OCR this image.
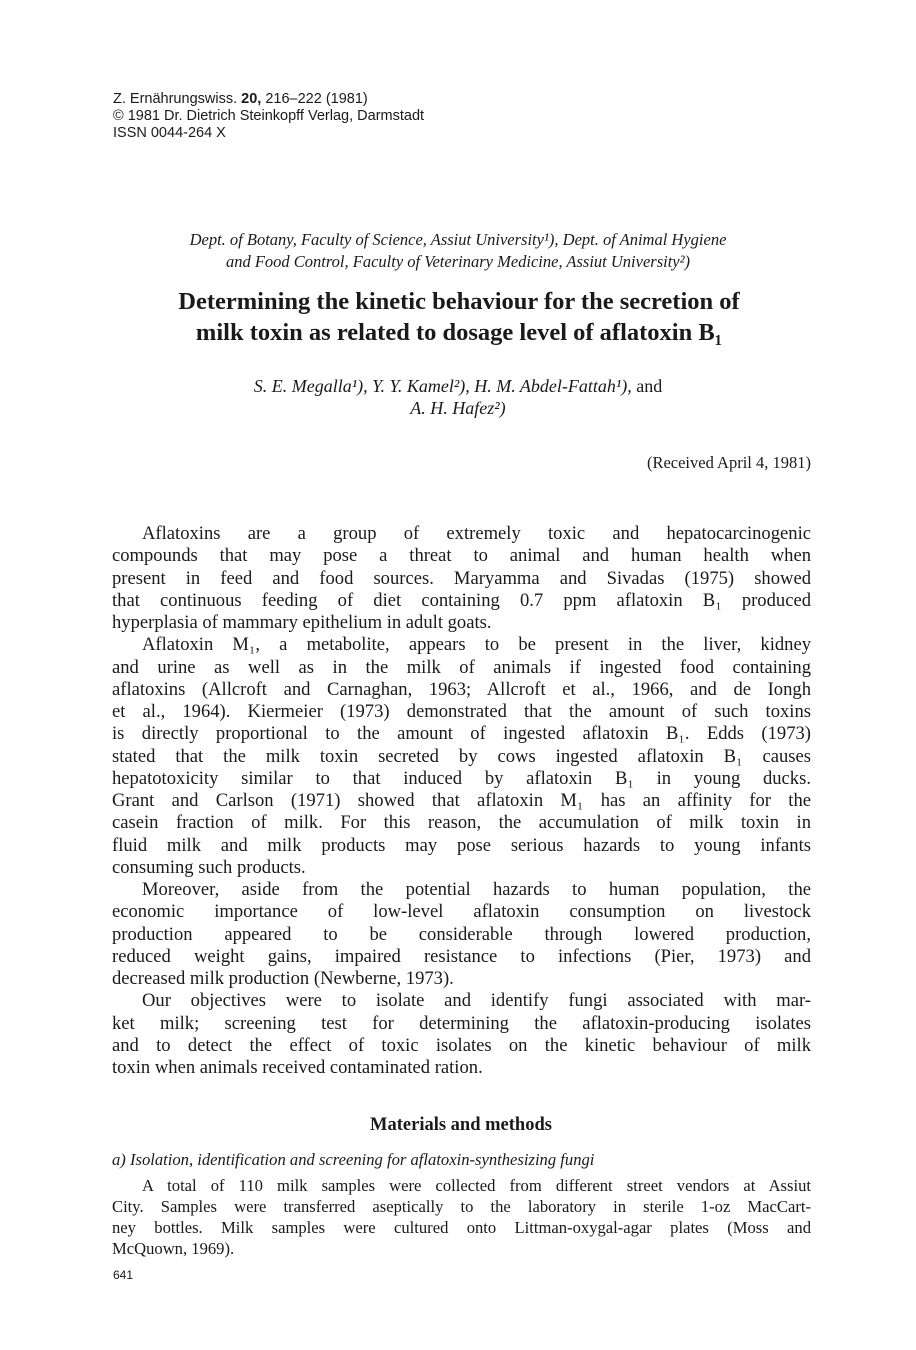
Z. Ernährungswiss. 20, 216–222 (1981)
© 1981 Dr. Dietrich Steinkopff Verlag, Darmstadt
ISSN 0044-264 X
Dept. of Botany, Faculty of Science, Assiut University¹), Dept. of Animal Hygiene
and Food Control, Faculty of Veterinary Medicine, Assiut University²)
Determining the kinetic behaviour for the secretion of
milk toxin as related to dosage level of aflatoxin B₁
S. E. Megalla¹), Y. Y. Kamel²), H. M. Abdel-Fattah¹), and
A. H. Hafez²)
(Received April 4, 1981)
Aflatoxins are a group of extremely toxic and hepatocarcinogenic
compounds that may pose a threat to animal and human health when
present in feed and food sources. Maryamma and Sivadas (1975) showed
that continuous feeding of diet containing 0.7 ppm aflatoxin B₁ produced
hyperplasia of mammary epithelium in adult goats.
Aflatoxin M₁, a metabolite, appears to be present in the liver, kidney
and urine as well as in the milk of animals if ingested food containing
aflatoxins (Allcroft and Carnaghan, 1963; Allcroft et al., 1966, and de Iongh
et al., 1964). Kiermeier (1973) demonstrated that the amount of such toxins
is directly proportional to the amount of ingested aflatoxin B₁. Edds (1973)
stated that the milk toxin secreted by cows ingested aflatoxin B₁ causes
hepatotoxicity similar to that induced by aflatoxin B₁ in young ducks.
Grant and Carlson (1971) showed that aflatoxin M₁ has an affinity for the
casein fraction of milk. For this reason, the accumulation of milk toxin in
fluid milk and milk products may pose serious hazards to young infants
consuming such products.
Moreover, aside from the potential hazards to human population, the
economic importance of low-level aflatoxin consumption on livestock
production appeared to be considerable through lowered production,
reduced weight gains, impaired resistance to infections (Pier, 1973) and
decreased milk production (Newberne, 1973).
Our objectives were to isolate and identify fungi associated with mar-
ket milk; screening test for determining the aflatoxin-producing isolates
and to detect the effect of toxic isolates on the kinetic behaviour of milk
toxin when animals received contaminated ration.
Materials and methods
a) Isolation, identification and screening for aflatoxin-synthesizing fungi
A total of 110 milk samples were collected from different street vendors at Assiut
City. Samples were transferred aseptically to the laboratory in sterile 1-oz MacCart-
ney bottles. Milk samples were cultured onto Littman-oxygal-agar plates (Moss and
McQuown, 1969).
641
